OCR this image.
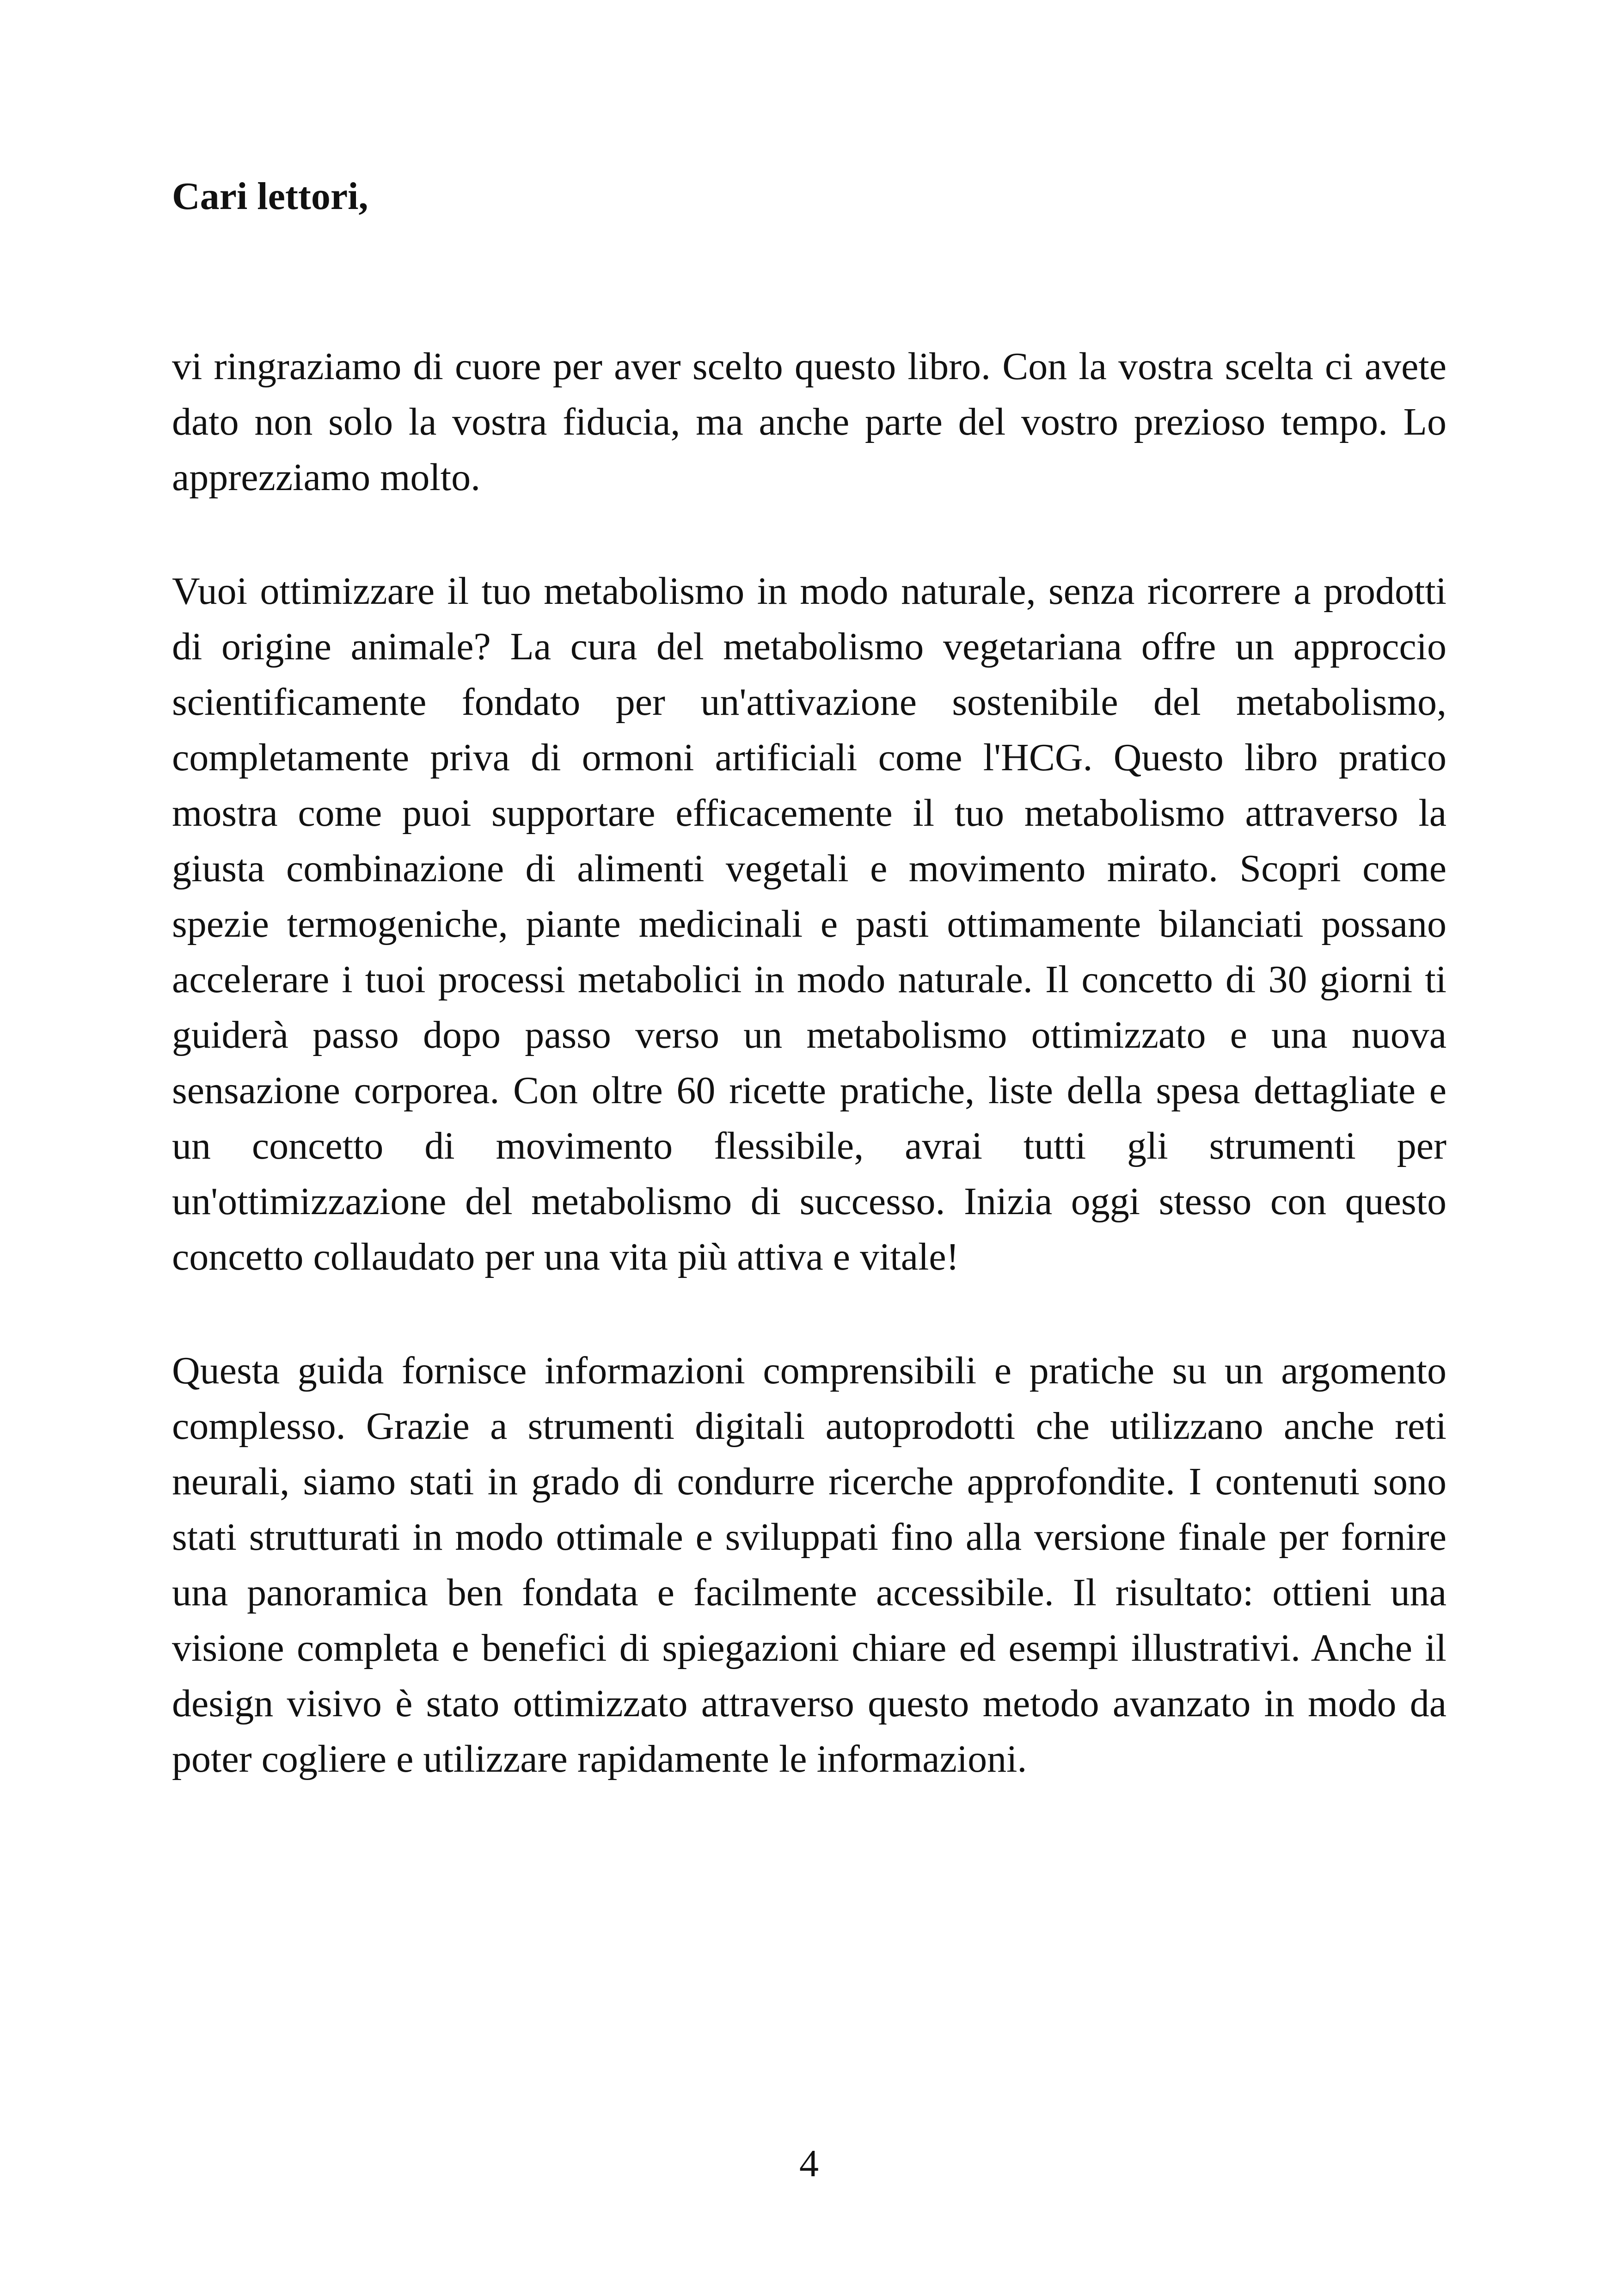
Cari lettori,

vi ringraziamo di cuore per aver scelto questo libro. Con la vostra scelta ci avete dato non solo la vostra fiducia, ma anche parte del vostro prezioso tempo. Lo apprezziamo molto.

Vuoi ottimizzare il tuo metabolismo in modo naturale, senza ricorrere a prodotti di origine animale? La cura del metabolismo vegetariana offre un approccio scientificamente fondato per un'attivazione sostenibile del metabolismo, completamente priva di ormoni artificiali come l'HCG. Questo libro pratico mostra come puoi supportare efficacemente il tuo metabolismo attraverso la giusta combinazione di alimenti vegetali e movimento mirato. Scopri come spezie termogeniche, piante medicinali e pasti ottimamente bilanciati possano accelerare i tuoi processi metabolici in modo naturale. Il concetto di 30 giorni ti guiderà passo dopo passo verso un metabolismo ottimizzato e una nuova sensazione corporea. Con oltre 60 ricette pratiche, liste della spesa dettagliate e un concetto di movimento flessibile, avrai tutti gli strumenti per un'ottimizzazione del metabolismo di successo. Inizia oggi stesso con questo concetto collaudato per una vita più attiva e vitale!

Questa guida fornisce informazioni comprensibili e pratiche su un argomento complesso. Grazie a strumenti digitali autoprodotti che utilizzano anche reti neurali, siamo stati in grado di condurre ricerche approfondite. I contenuti sono stati strutturati in modo ottimale e sviluppati fino alla versione finale per fornire una panoramica ben fondata e facilmente accessibile. Il risultato: ottieni una visione completa e benefici di spiegazioni chiare ed esempi illustrativi. Anche il design visivo è stato ottimizzato attraverso questo metodo avanzato in modo da poter cogliere e utilizzare rapidamente le informazioni.

4
